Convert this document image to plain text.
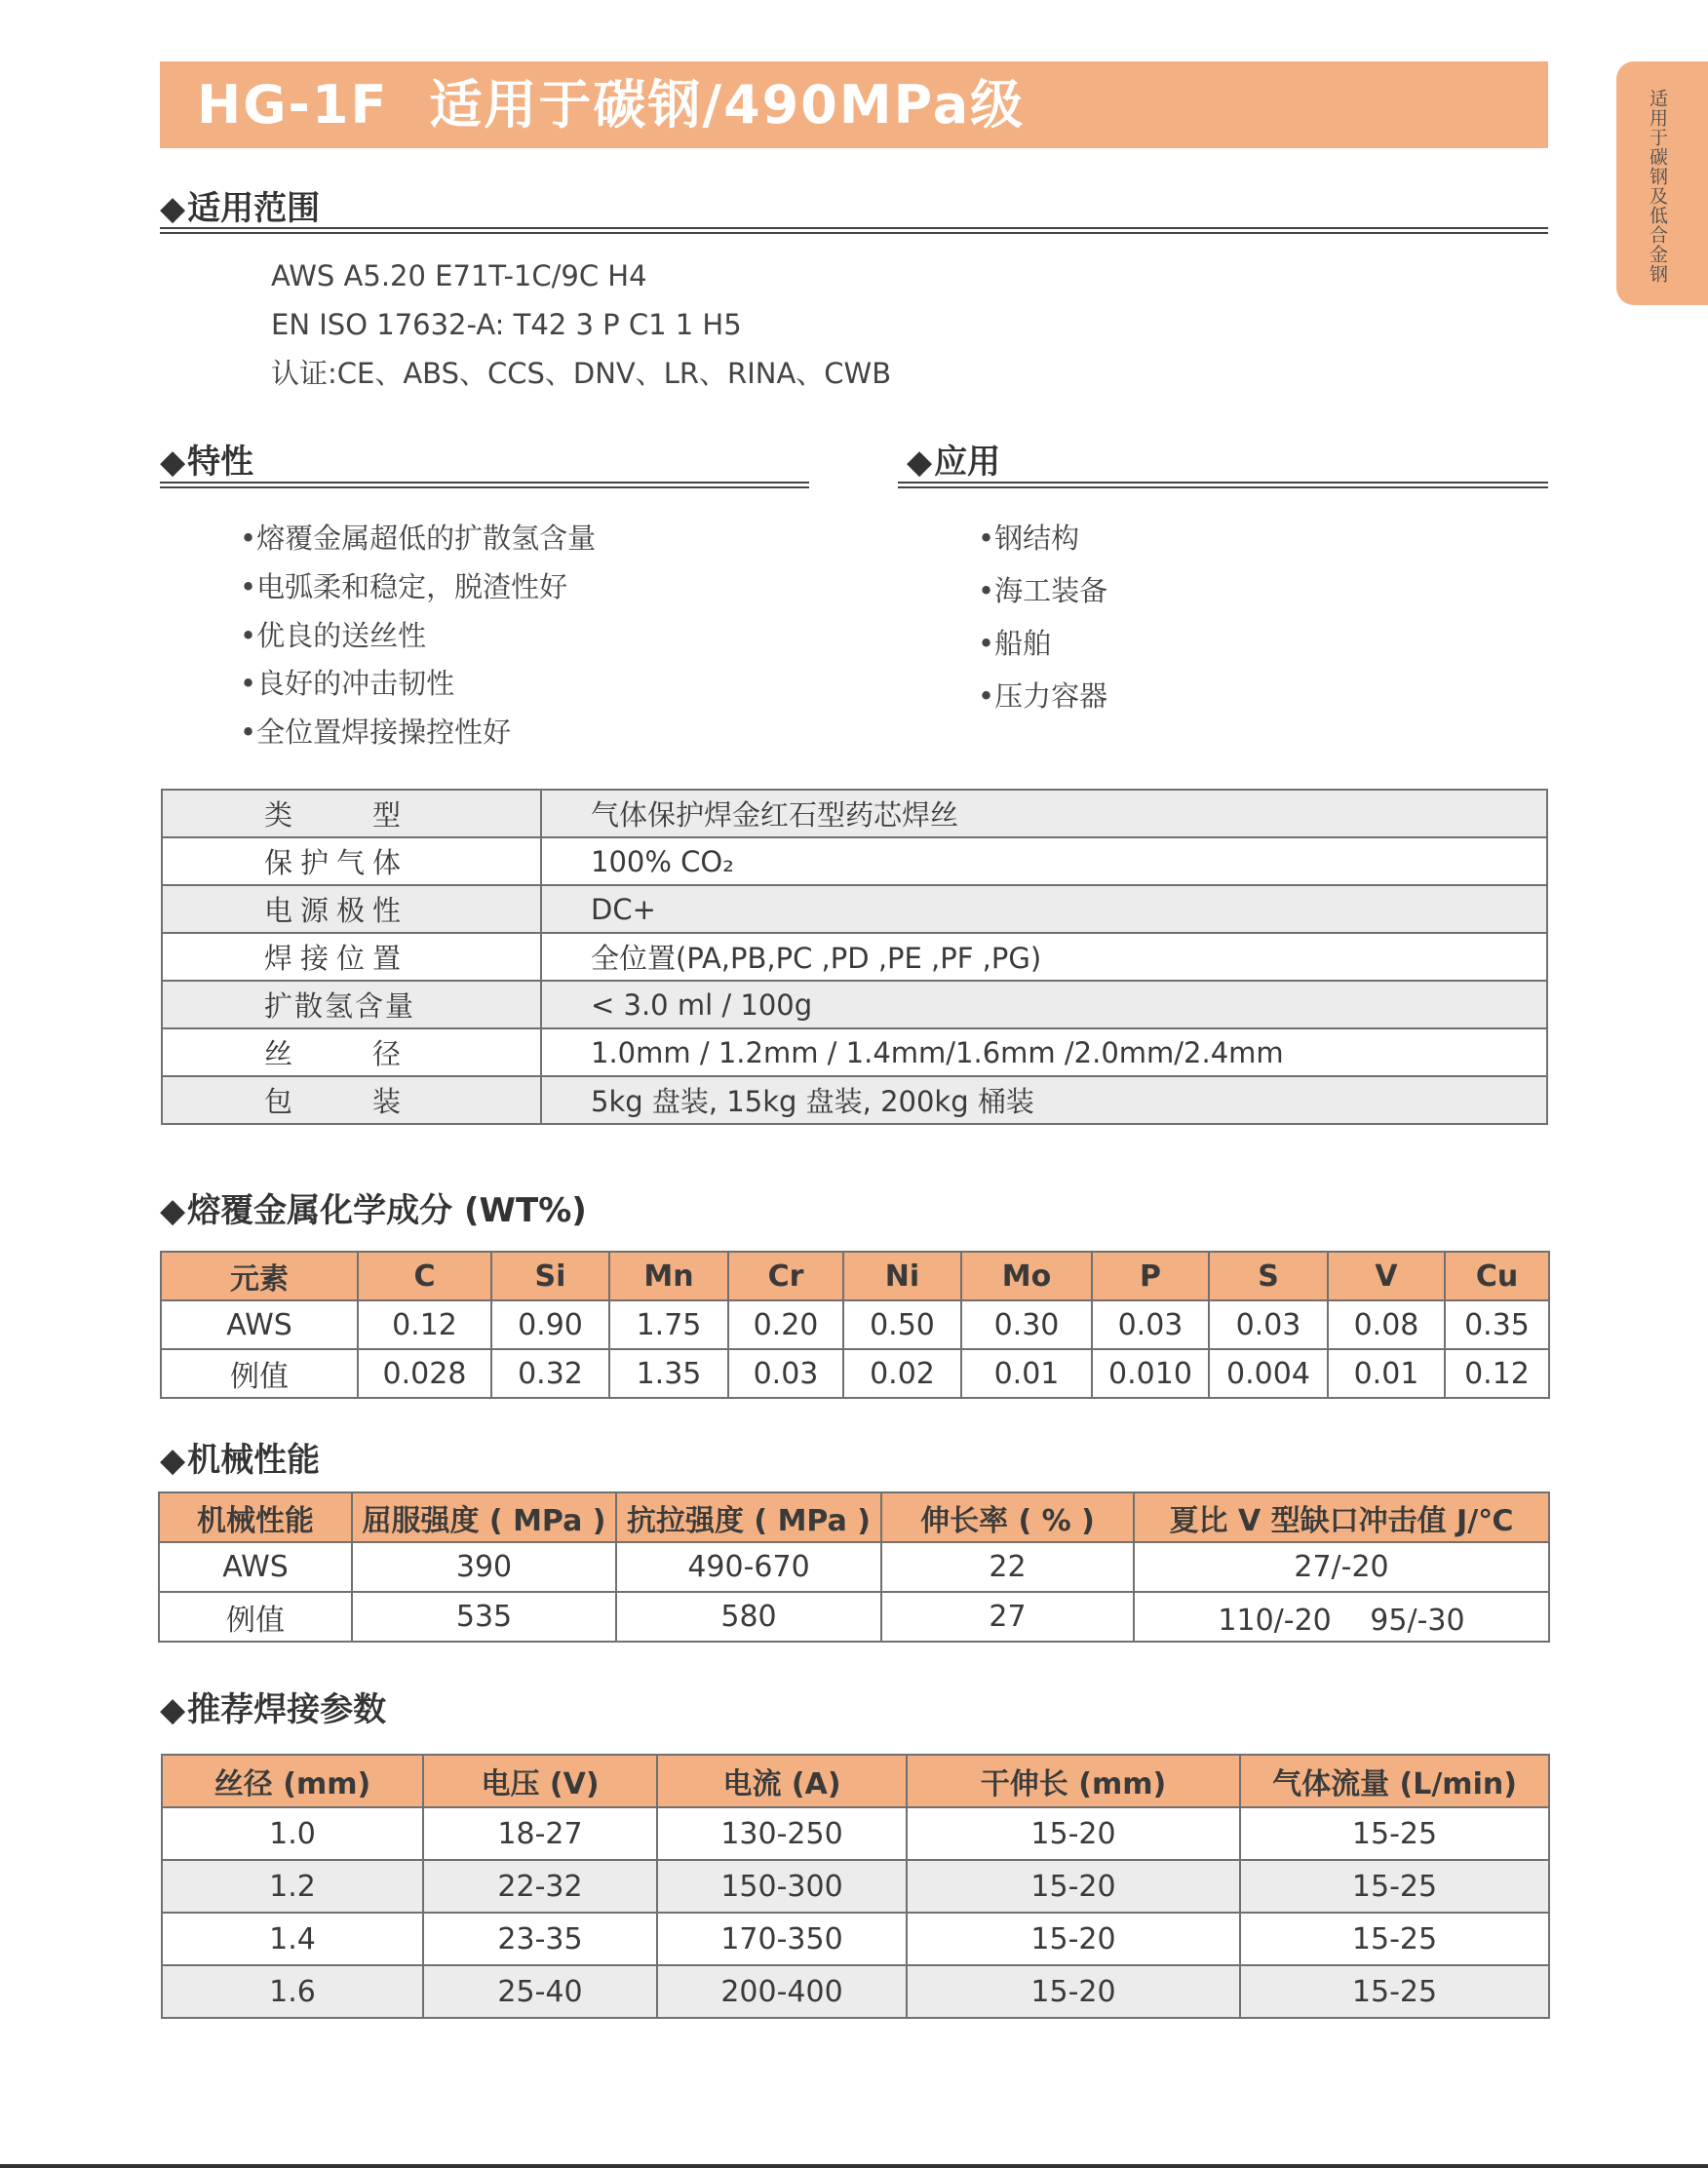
HG-1F 适用于碳钢/490MPa级	适用于碳钢及低合金钢
◆适用范围
AWS A5.20 E71T-1C/9C H4
EN ISO 17632-A: T42 3 P C1 1 H5
认证:CE、ABS、CCS、DNV、LR、RINA、CWB
◆特性
•熔覆金属超低的扩散氢含量
•电弧柔和稳定，脱渣性好
•优良的送丝性
•良好的冲击韧性
•全位置焊接操控性好
◆应用
•钢结构
•海工装备
•船舶
•压力容器
类　　型	气体保护焊金红石型药芯焊丝
保护气体	100% CO₂
电源极性	DC+
焊接位置	全位置(PA,PB,PC ,PD ,PE ,PF ,PG)
扩散氢含量	< 3.0 ml / 100g
丝　　径	1.0mm / 1.2mm / 1.4mm/1.6mm /2.0mm/2.4mm
包　　装	5kg 盘装, 15kg 盘装, 200kg 桶装
◆熔覆金属化学成分 (WT%)
元素	C	Si	Mn	Cr	Ni	Mo	P	S	V	Cu
AWS	0.12	0.90	1.75	0.20	0.50	0.30	0.03	0.03	0.08	0.35
例值	0.028	0.32	1.35	0.03	0.02	0.01	0.010	0.004	0.01	0.12
◆机械性能
机械性能	屈服强度 ( MPa )	抗拉强度 ( MPa )	伸长率 ( % )	夏比 V 型缺口冲击值 J/℃
AWS	390	490-670	22	27/-20
例值	535	580	27	110/-20　 95/-30
◆推荐焊接参数
丝径 (mm)	电压 (V)	电流 (A)	干伸长 (mm)	气体流量 (L/min)
1.0	18-27	130-250	15-20	15-25
1.2	22-32	150-300	15-20	15-25
1.4	23-35	170-350	15-20	15-25
1.6	25-40	200-400	15-20	15-25
